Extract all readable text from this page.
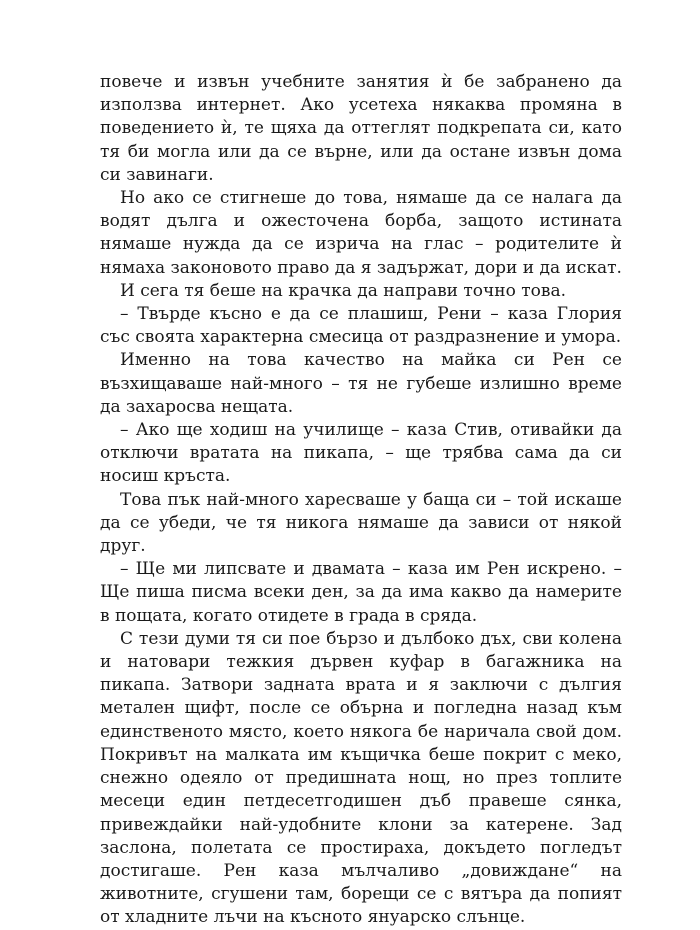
повече и извън учебните занятия ѝ бе забранено да използва интернет. Ако усетеха някаква промяна в поведението ѝ, те щяха да оттеглят подкрепата си, като тя би могла или да се върне, или да остане извън дома си завинаги.

Но ако се стигнеше до това, нямаше да се налага да водят дълга и ожесточена борба, защото истината нямаше нужда да се изрича на глас – родителите ѝ нямаха законовото право да я задържат, дори и да искат.

И сега тя беше на крачка да направи точно това.

– Твърде късно е да се плашиш, Рени – каза Глория със своята характерна смесица от раздразнение и умора.

Именно на това качество на майка си Рен се възхищаваше най-много – тя не губеше излишно време да захаросва нещата.

– Ако ще ходиш на училище – каза Стив, отивайки да отключи вратата на пикапа, – ще трябва сама да си носиш кръста.

Това пък най-много харесваше у баща си – той искаше да се убеди, че тя никога нямаше да зависи от някой друг.

– Ще ми липсвате и двамата – каза им Рен искрено. – Ще пиша писма всеки ден, за да има какво да намерите в пощата, когато отидете в града в сряда.

С тези думи тя си пое бързо и дълбоко дъх, сви колена и натовари тежкия дървен куфар в багажника на пикапа. Затвори задната врата и я заключи с дългия метален щифт, после се обърна и погледна назад към единственото място, което някога бе наричала свой дом. Покривът на малката им къщичка беше покрит с меко, снежно одеяло от предишната нощ, но през топлите месеци един петдесетгодишен дъб правеше сянка, привеждайки най-удобните клони за катерене. Зад заслона, полетата се простираха, докъдето погледът достигаше. Рен каза мълчаливо „довиждане“ на животните, сгушени там, борещи се с вятъра да попият от хладните лъчи на късното януарско слънце.
